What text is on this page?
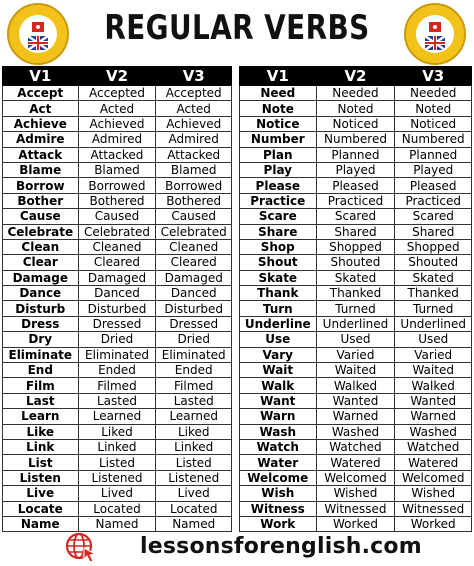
REGULAR VERBS
V1	V2	V3
Accept	Accepted	Accepted
Act	Acted	Acted
Achieve	Achieved	Achieved
Admire	Admired	Admired
Attack	Attacked	Attacked
Blame	Blamed	Blamed
Borrow	Borrowed	Borrowed
Bother	Bothered	Bothered
Cause	Caused	Caused
Celebrate	Celebrated	Celebrated
Clean	Cleaned	Cleaned
Clear	Cleared	Cleared
Damage	Damaged	Damaged
Dance	Danced	Danced
Disturb	Disturbed	Disturbed
Dress	Dressed	Dressed
Dry	Dried	Dried
Eliminate	Eliminated	Eliminated
End	Ended	Ended
Film	Filmed	Filmed
Last	Lasted	Lasted
Learn	Learned	Learned
Like	Liked	Liked
Link	Linked	Linked
List	Listed	Listed
Listen	Listened	Listened
Live	Lived	Lived
Locate	Located	Located
Name	Named	Named
V1	V2	V3
Need	Needed	Needed
Note	Noted	Noted
Notice	Noticed	Noticed
Number	Numbered	Numbered
Plan	Planned	Planned
Play	Played	Played
Please	Pleased	Pleased
Practice	Practiced	Practiced
Scare	Scared	Scared
Share	Shared	Shared
Shop	Shopped	Shopped
Shout	Shouted	Shouted
Skate	Skated	Skated
Thank	Thanked	Thanked
Turn	Turned	Turned
Underline	Underlined	Underlined
Use	Used	Used
Vary	Varied	Varied
Wait	Waited	Waited
Walk	Walked	Walked
Want	Wanted	Wanted
Warn	Warned	Warned
Wash	Washed	Washed
Watch	Watched	Watched
Water	Watered	Watered
Welcome	Welcomed	Welcomed
Wish	Wished	Wished
Witness	Witnessed	Witnessed
Work	Worked	Worked
lessonsforenglish.com
